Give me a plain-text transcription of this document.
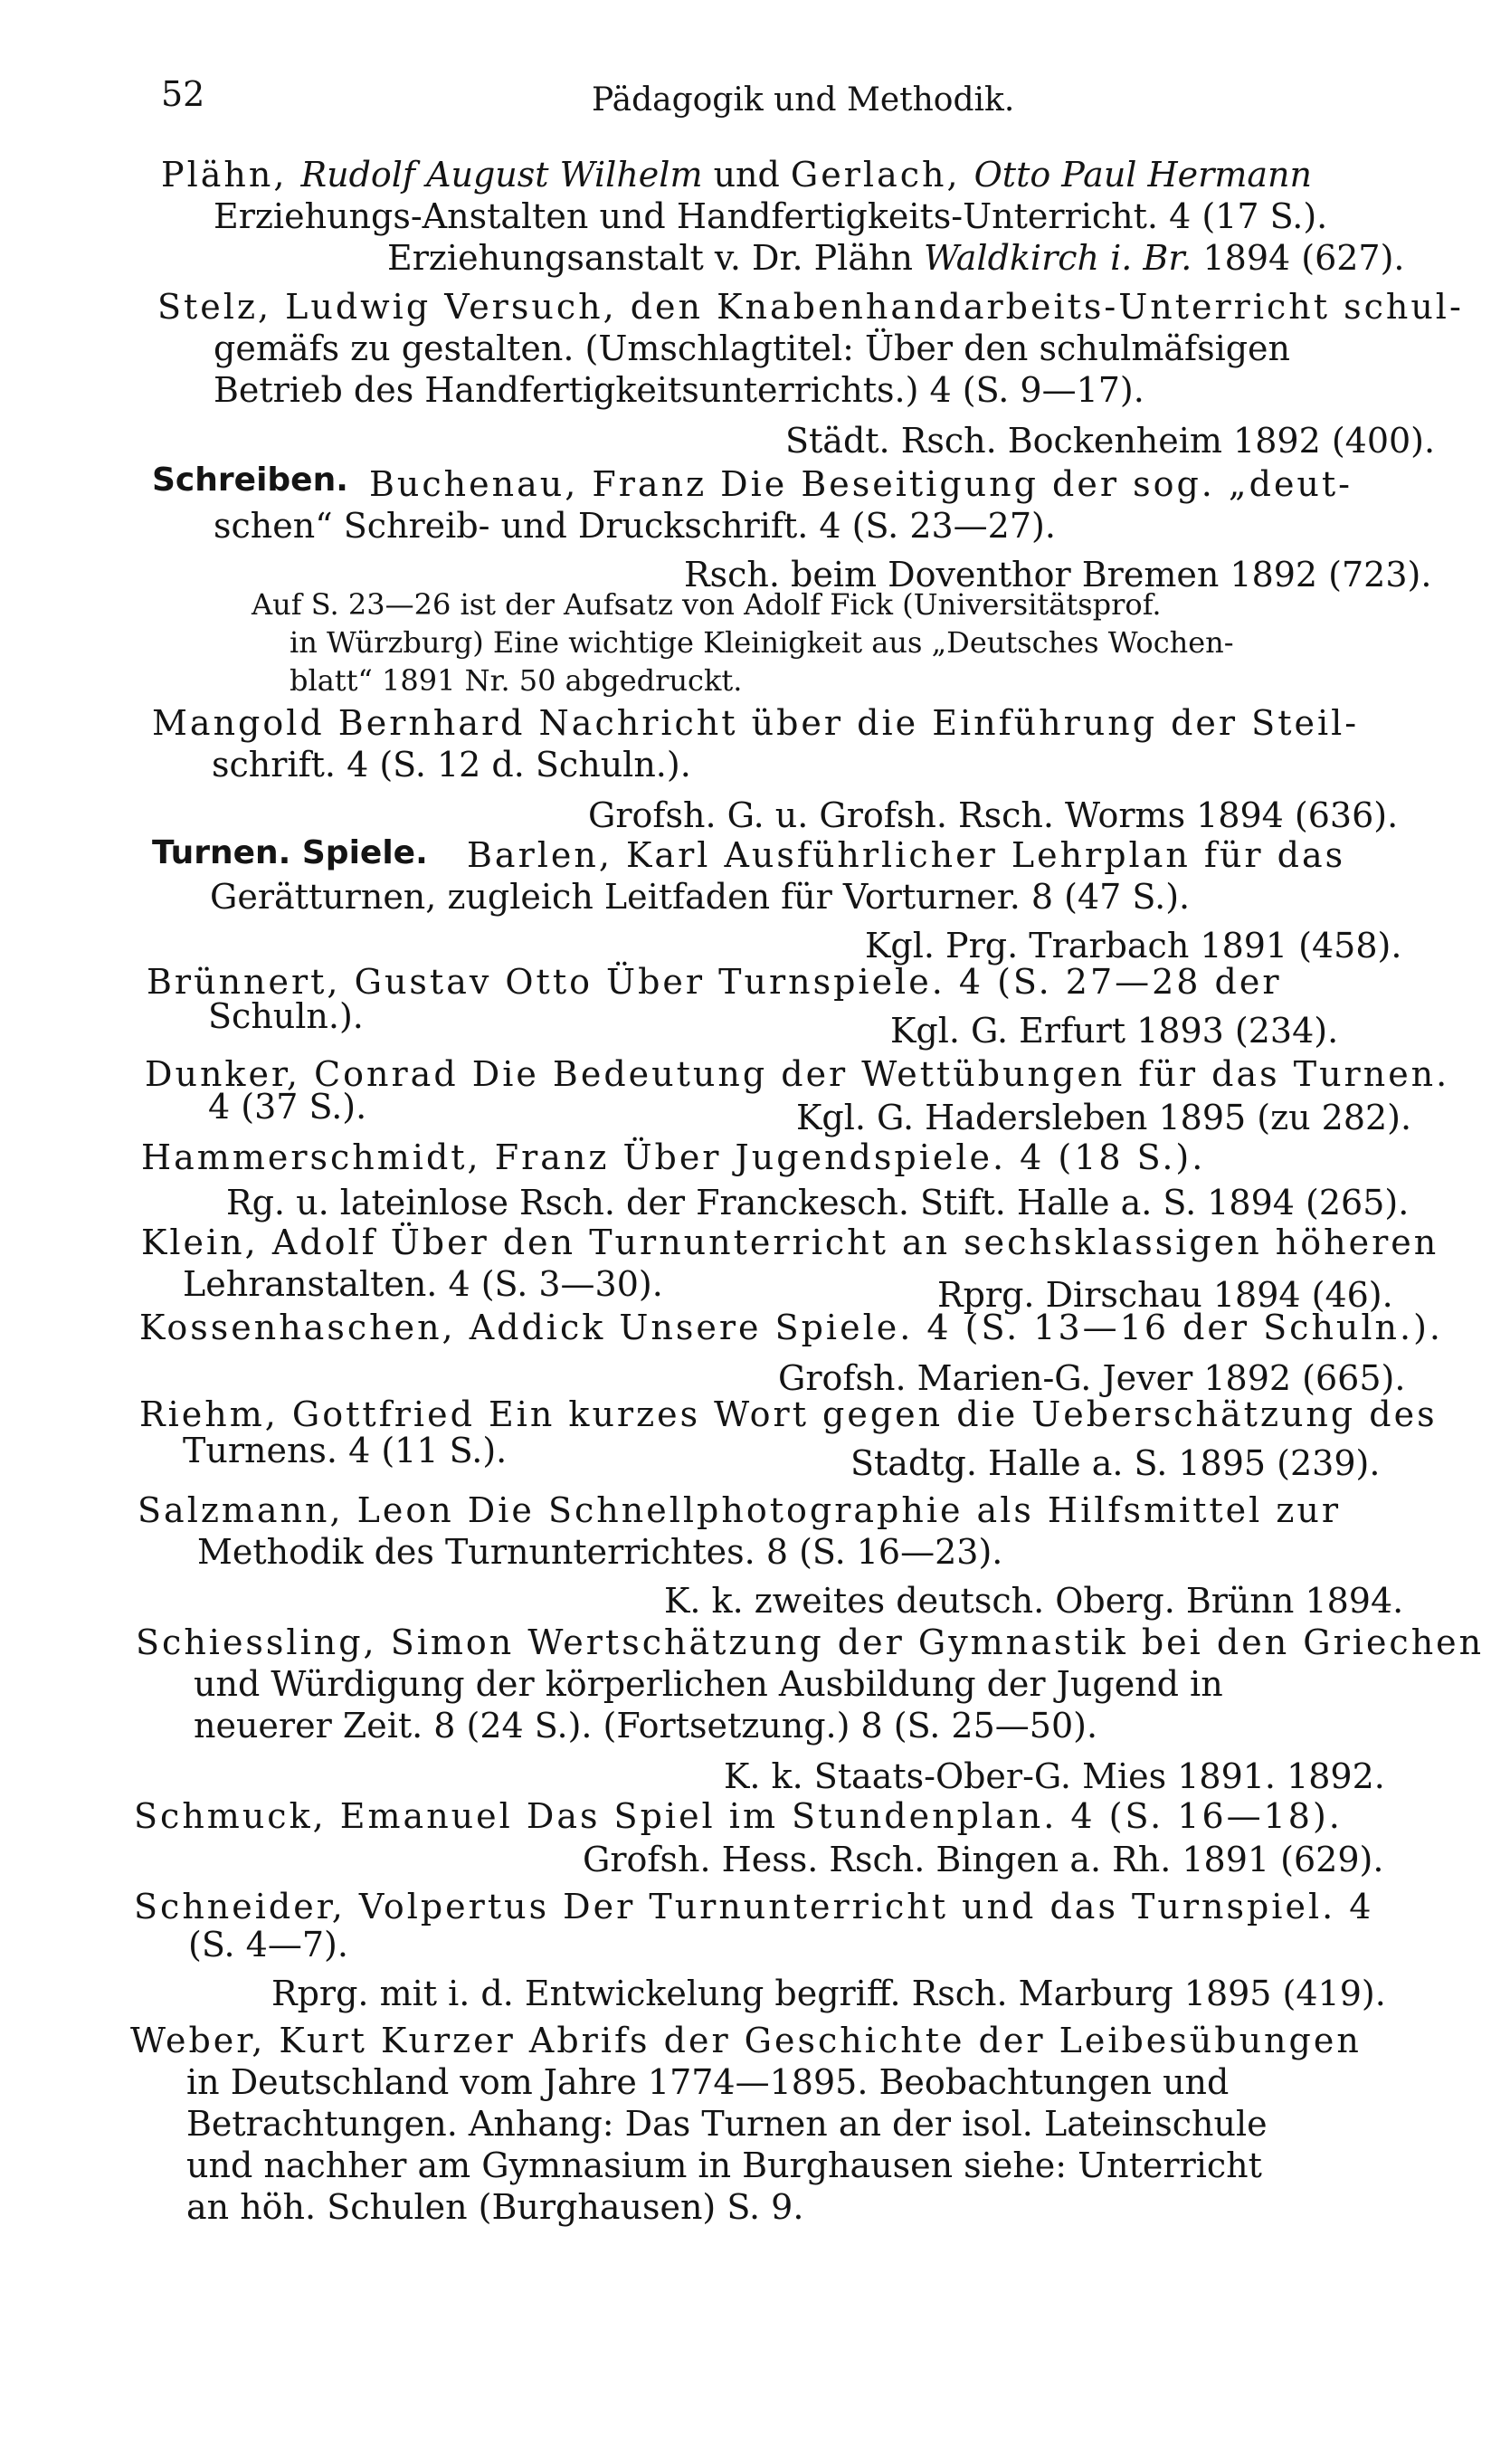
52	Pädagogik und Methodik.
Plähn, Rudolf August Wilhelm und Gerlach, Otto Paul Hermann
Erziehungs-Anstalten und Handfertigkeits-Unterricht. 4 (17 S.).
Erziehungsanstalt v. Dr. Plähn Waldkirch i. Br. 1894 (627).
Stelz, Ludwig Versuch, den Knabenhandarbeits-Unterricht schul-
gemäfs zu gestalten. (Umschlagtitel: Über den schulmäfsigen
Betrieb des Handfertigkeitsunterrichts.) 4 (S. 9—17).
Städt. Rsch. Bockenheim 1892 (400).
Schreiben. Buchenau, Franz Die Beseitigung der sog. „deut-
schen“ Schreib- und Druckschrift. 4 (S. 23—27).
Rsch. beim Doventhor Bremen 1892 (723).
Auf S. 23—26 ist der Aufsatz von Adolf Fick (Universitätsprof.
in Würzburg) Eine wichtige Kleinigkeit aus „Deutsches Wochen-
blatt“ 1891 Nr. 50 abgedruckt.
Mangold Bernhard Nachricht über die Einführung der Steil-
schrift. 4 (S. 12 d. Schuln.).
Grofsh. G. u. Grofsh. Rsch. Worms 1894 (636).
Turnen. Spiele. Barlen, Karl Ausführlicher Lehrplan für das
Gerätturnen, zugleich Leitfaden für Vorturner. 8 (47 S.).
Kgl. Prg. Trarbach 1891 (458).
Brünnert, Gustav Otto Über Turnspiele. 4 (S. 27—28 der
Schuln.).	Kgl. G. Erfurt 1893 (234).
Dunker, Conrad Die Bedeutung der Wettübungen für das Turnen.
4 (37 S.).	Kgl. G. Hadersleben 1895 (zu 282).
Hammerschmidt, Franz Über Jugendspiele. 4 (18 S.).
Rg. u. lateinlose Rsch. der Franckesch. Stift. Halle a. S. 1894 (265).
Klein, Adolf Über den Turnunterricht an sechsklassigen höheren
Lehranstalten. 4 (S. 3—30).	Rprg. Dirschau 1894 (46).
Kossenhaschen, Addick Unsere Spiele. 4 (S. 13—16 der Schuln.).
Grofsh. Marien-G. Jever 1892 (665).
Riehm, Gottfried Ein kurzes Wort gegen die Ueberschätzung des
Turnens. 4 (11 S.).	Stadtg. Halle a. S. 1895 (239).
Salzmann, Leon Die Schnellphotographie als Hilfsmittel zur
Methodik des Turnunterrichtes. 8 (S. 16—23).
K. k. zweites deutsch. Oberg. Brünn 1894.
Schiessling, Simon Wertschätzung der Gymnastik bei den Griechen
und Würdigung der körperlichen Ausbildung der Jugend in
neuerer Zeit. 8 (24 S.). (Fortsetzung.) 8 (S. 25—50).
K. k. Staats-Ober-G. Mies 1891. 1892.
Schmuck, Emanuel Das Spiel im Stundenplan. 4 (S. 16—18).
Grofsh. Hess. Rsch. Bingen a. Rh. 1891 (629).
Schneider, Volpertus Der Turnunterricht und das Turnspiel. 4
(S. 4—7).
Rprg. mit i. d. Entwickelung begriff. Rsch. Marburg 1895 (419).
Weber, Kurt Kurzer Abrifs der Geschichte der Leibesübungen
in Deutschland vom Jahre 1774—1895. Beobachtungen und
Betrachtungen. Anhang: Das Turnen an der isol. Lateinschule
und nachher am Gymnasium in Burghausen siehe: Unterricht
an höh. Schulen (Burghausen) S. 9.
